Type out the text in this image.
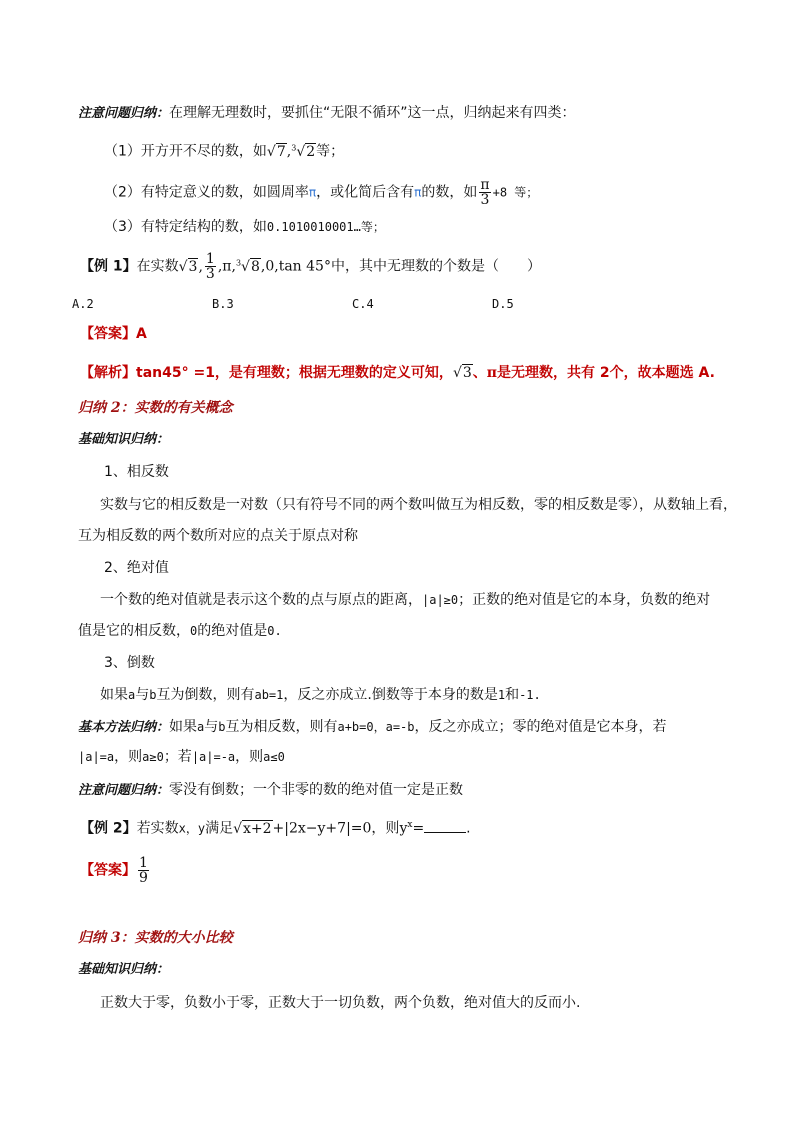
注意问题归纳：在理解无理数时，要抓住“无限不循环”这一点，归纳起来有四类：
（1）开方开不尽的数，如√7,$^3$√2等；
（2）有特定意义的数，如圆周率π，或化简后含有π的数，如 $\frac{\pi}{3} +8$ 等；
（3）有特定结构的数，如0.1010010001…等；
【例 1】在实数√3, $\frac{1}{3} ,\pi,^3√8,0,\tan$ 45°中，其中无理数的个数是（　　）
A.2	B.3	C.4	D.5
【答案】A
【解析】tan45° =1，是有理数；根据无理数的定义可知，√3、π是无理数，共有 2个，故本题选 A.
归纳 2：实数的有关概念
基础知识归纳：
1、相反数
实数与它的相反数是一对数（只有符号不同的两个数叫做互为相反数，零的相反数是零），从数轴上看，
互为相反数的两个数所对应的点关于原点对称
2、绝对值
一个数的绝对值就是表示这个数的点与原点的距离，|a|≥0；正数的绝对值是它的本身，负数的绝对
值是它的相反数，0的绝对值是0.
3、倒数
如果a与b互为倒数，则有ab=1，反之亦成立.倒数等于本身的数是1和-1.
基本方法归纳：如果a与b互为相反数，则有a+b=0，a=-b，反之亦成立；零的绝对值是它本身，若
|a|=a，则a≥0；若|a|=-a，则a≤0
注意问题归纳：零没有倒数；一个非零的数的绝对值一定是正数
【例 2】若实数x，y满足√x+2+|2x−y+7|=0，则$y^x=$	.
【答案】 $\frac{1}{9}$
归纳 3：实数的大小比较
基础知识归纳：
正数大于零，负数小于零，正数大于一切负数，两个负数，绝对值大的反而小.
